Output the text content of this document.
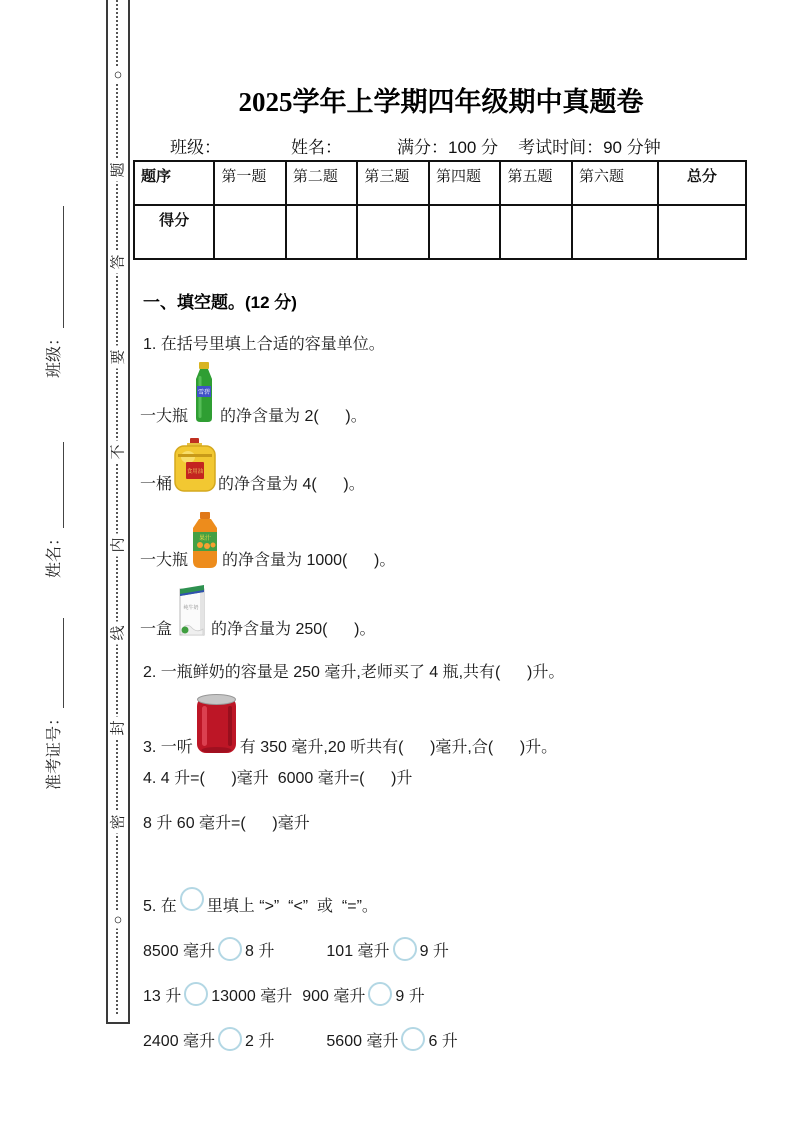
班级：
姓名：
准考证号：
○
题
答
要
不
内
线
封
密
○
2025学年上学期四年级期中真题卷
班级：	姓名：	满分：100 分 考试时间：90 分钟
题序	第一题	第二题	第三题	第四题	第五题	第六题	总分
得分							
一、填空题。(12 分)
1. 在括号里填上合适的容量单位。
一大瓶
雪碧
的净含量为 2(      )。
一桶
食用油
的净含量为 4(      )。
一大瓶
果汁
的净含量为 1000(      )。
一盒
纯牛奶
的净含量为 250(      )。
2. 一瓶鲜奶的容量是 250 毫升,老师买了 4 瓶,共有(      )升。
3. 一听	有 350 毫升,20 听共有(      )毫升,合(      )升。
4. 4 升=(      )毫升  6000 毫升=(      )升
8 升 60 毫升=(      )毫升
5. 在 里填上 “>”  “<”  或  “=”。
8500 毫升 8 升	101 毫升 9 升
13 升 13000 毫升 900 毫升 9 升
2400 毫升 2 升	5600 毫升 6 升
